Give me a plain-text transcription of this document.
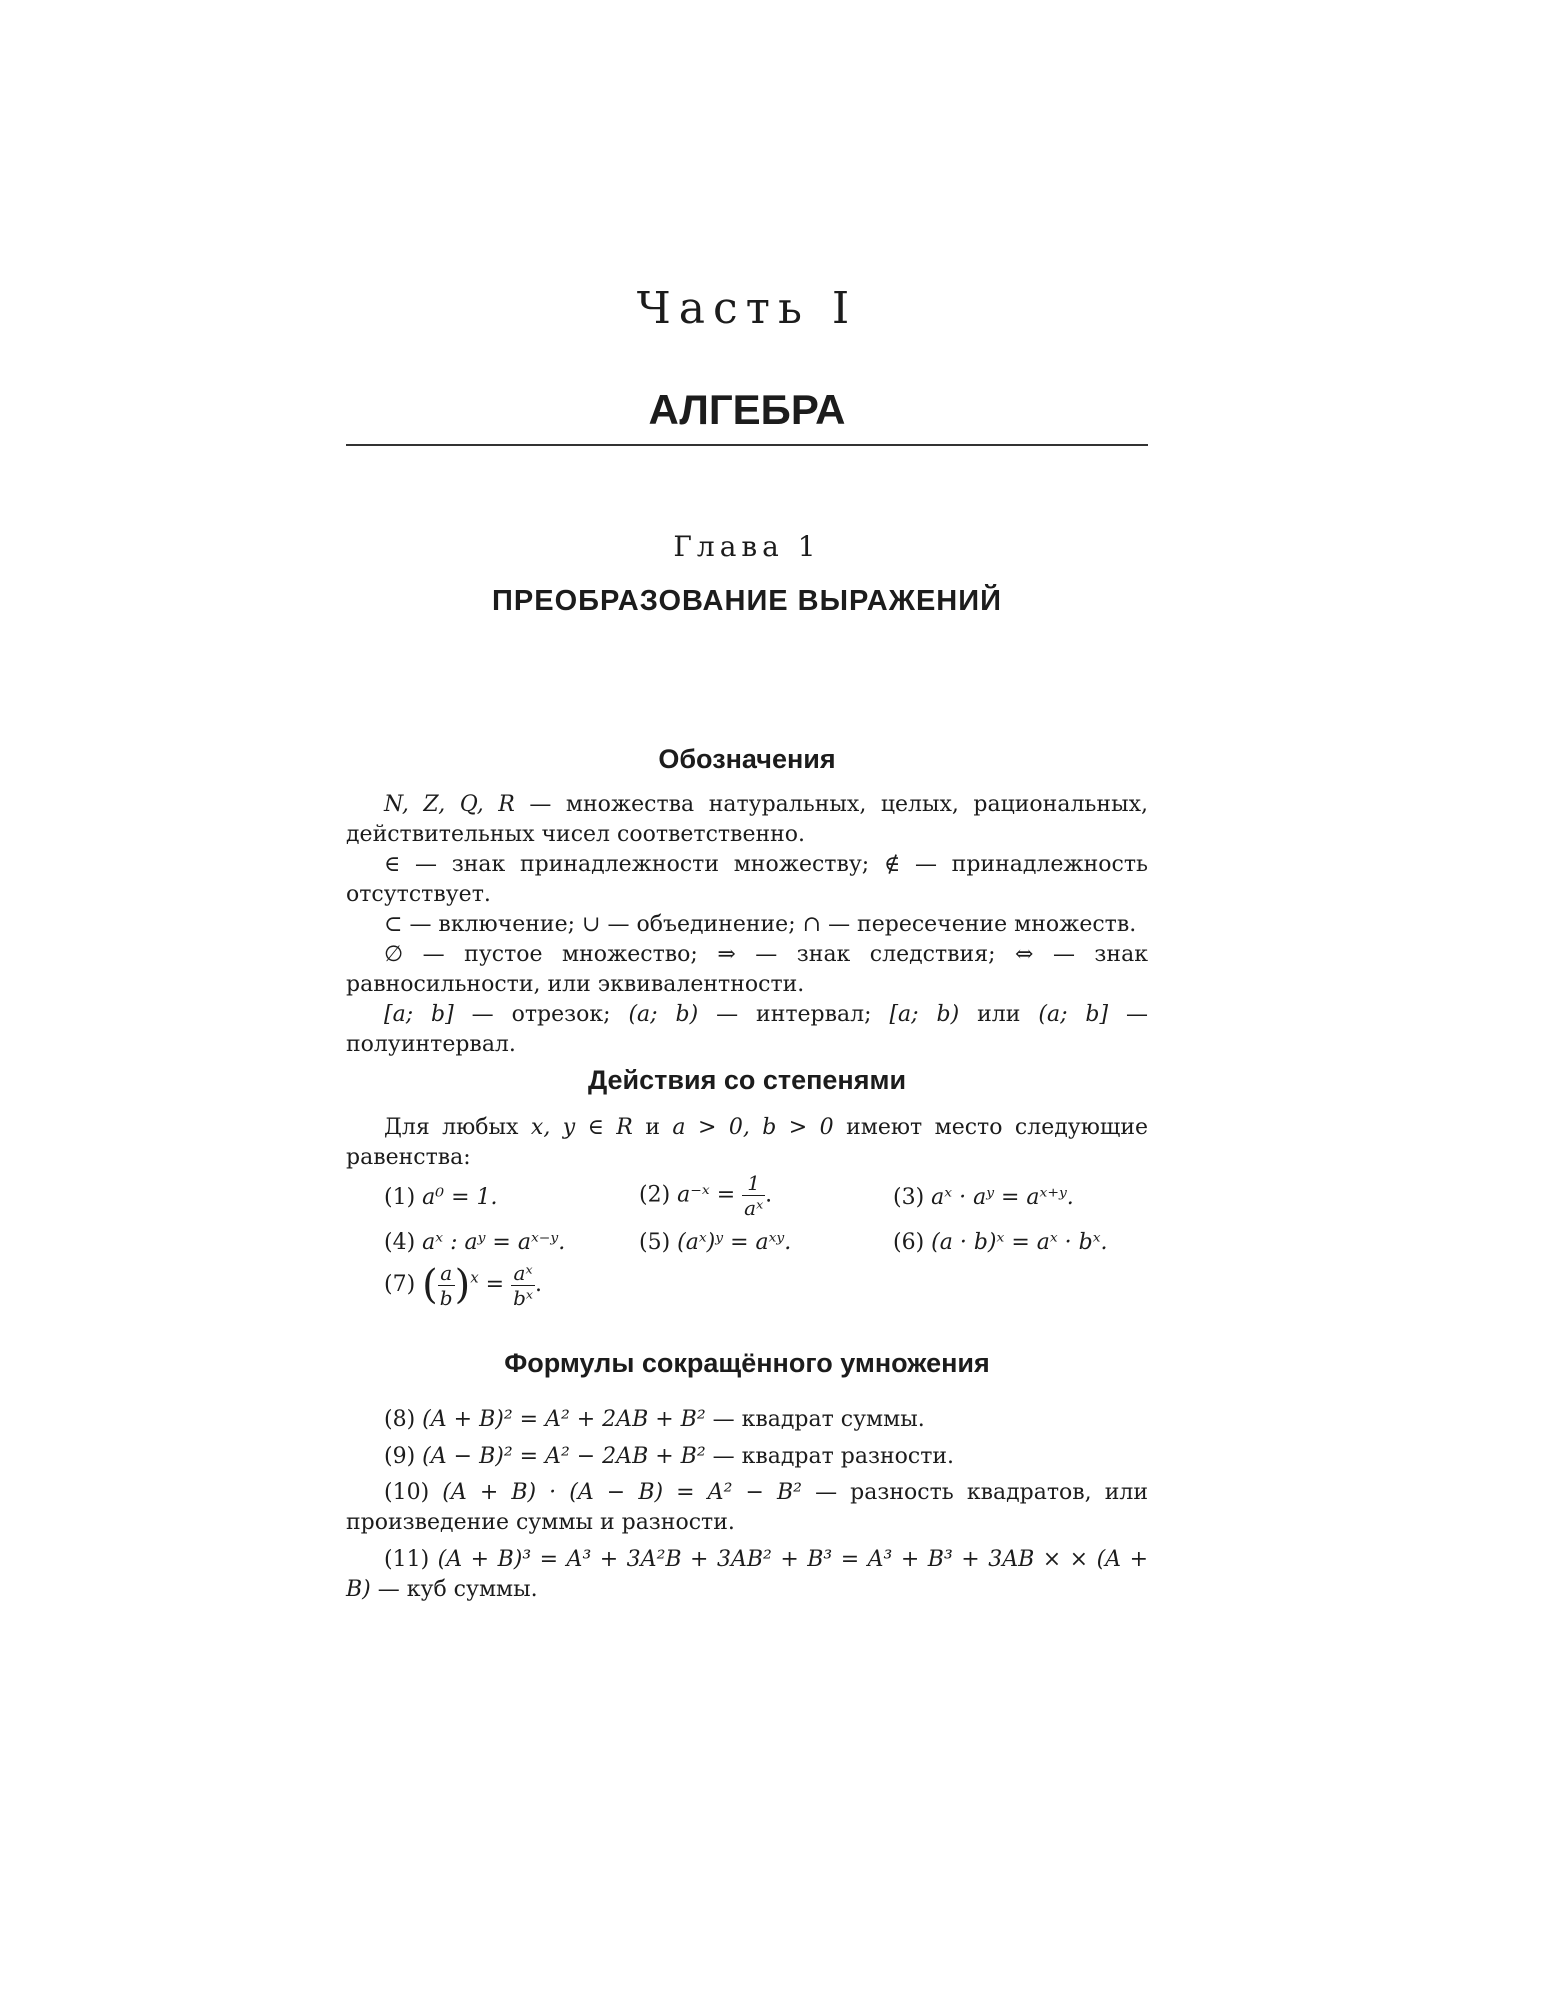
Часть I
АЛГЕБРА
Глава 1
ПРЕОБРАЗОВАНИЕ ВЫРАЖЕНИЙ
Обозначения
N, Z, Q, R — множества натуральных, целых, рациональных, действительных чисел соответственно.
∈ — знак принадлежности множеству; ∉ — принадлежность отсутствует.
⊂ — включение; ∪ — объединение; ∩ — пересечение множеств.
∅ — пустое множество; ⇒ — знак следствия; ⇔ — знак равносильности, или эквивалентности.
[a; b] — отрезок; (a; b) — интервал; [a; b) или (a; b] — полуинтервал.
Действия со степенями
Для любых x, y ∈ R и a > 0, b > 0 имеют место следующие равенства:
(1) a⁰ = 1.	(2) a⁻ˣ = $\frac{1}{\text{aˣ}}$ .	(3) aˣ · aʸ = aˣ⁺ʸ.
(4) aˣ : aʸ = aˣ⁻ʸ.	(5) (aˣ)ʸ = aˣʸ.	(6) (a · b)ˣ = aˣ · bˣ.
(7) ( $\frac{a}{b} )^x = \frac{\text{aˣ}}{\text{bˣ}}$ .
Формулы сокращённого умножения
(8) (A + B)² = A² + 2AB + B² — квадрат суммы.
(9) (A − B)² = A² − 2AB + B² — квадрат разности.
(10) (A + B) · (A − B) = A² − B² — разность квадратов, или произведение суммы и разности.
(11) (A + B)³ = A³ + 3A²B + 3AB² + B³ = A³ + B³ + 3AB × × (A + B) — куб суммы.
